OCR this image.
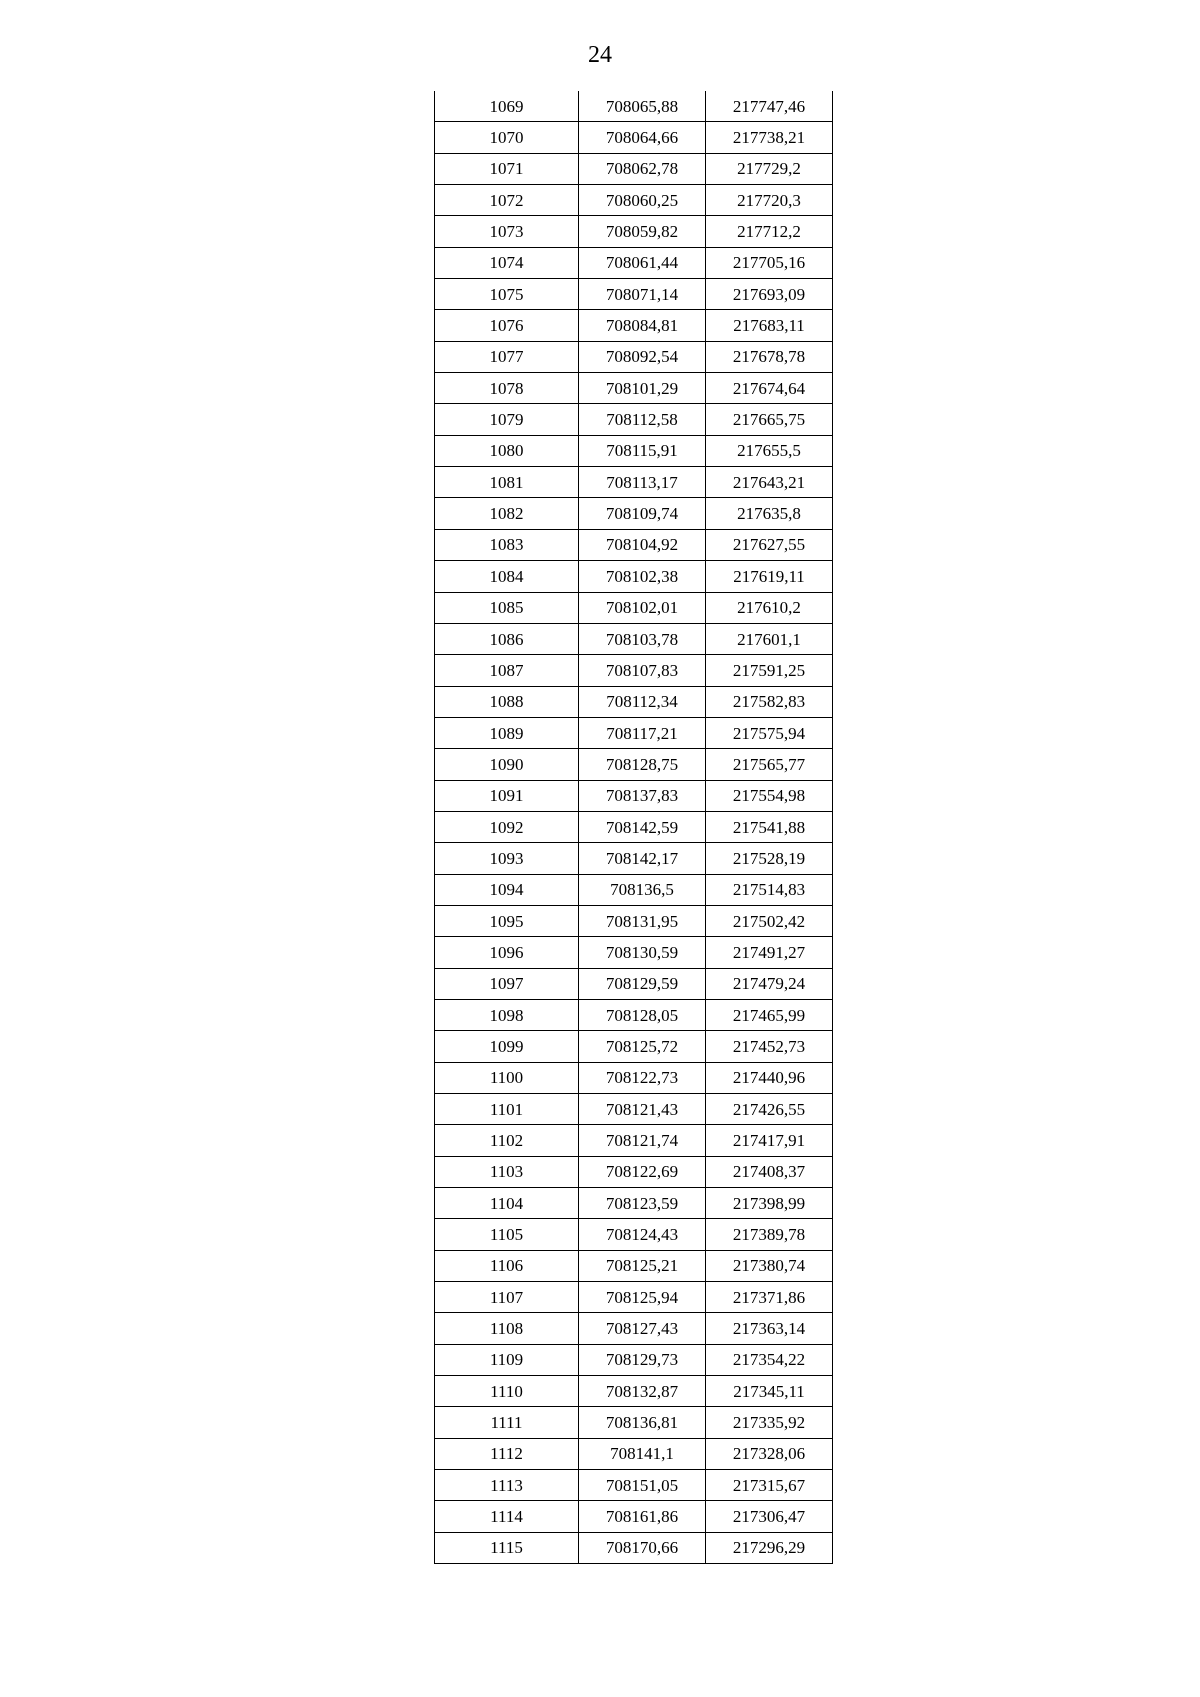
24
1069	708065,88	217747,46
1070	708064,66	217738,21
1071	708062,78	217729,2
1072	708060,25	217720,3
1073	708059,82	217712,2
1074	708061,44	217705,16
1075	708071,14	217693,09
1076	708084,81	217683,11
1077	708092,54	217678,78
1078	708101,29	217674,64
1079	708112,58	217665,75
1080	708115,91	217655,5
1081	708113,17	217643,21
1082	708109,74	217635,8
1083	708104,92	217627,55
1084	708102,38	217619,11
1085	708102,01	217610,2
1086	708103,78	217601,1
1087	708107,83	217591,25
1088	708112,34	217582,83
1089	708117,21	217575,94
1090	708128,75	217565,77
1091	708137,83	217554,98
1092	708142,59	217541,88
1093	708142,17	217528,19
1094	708136,5	217514,83
1095	708131,95	217502,42
1096	708130,59	217491,27
1097	708129,59	217479,24
1098	708128,05	217465,99
1099	708125,72	217452,73
1100	708122,73	217440,96
1101	708121,43	217426,55
1102	708121,74	217417,91
1103	708122,69	217408,37
1104	708123,59	217398,99
1105	708124,43	217389,78
1106	708125,21	217380,74
1107	708125,94	217371,86
1108	708127,43	217363,14
1109	708129,73	217354,22
1110	708132,87	217345,11
1111	708136,81	217335,92
1112	708141,1	217328,06
1113	708151,05	217315,67
1114	708161,86	217306,47
1115	708170,66	217296,29
